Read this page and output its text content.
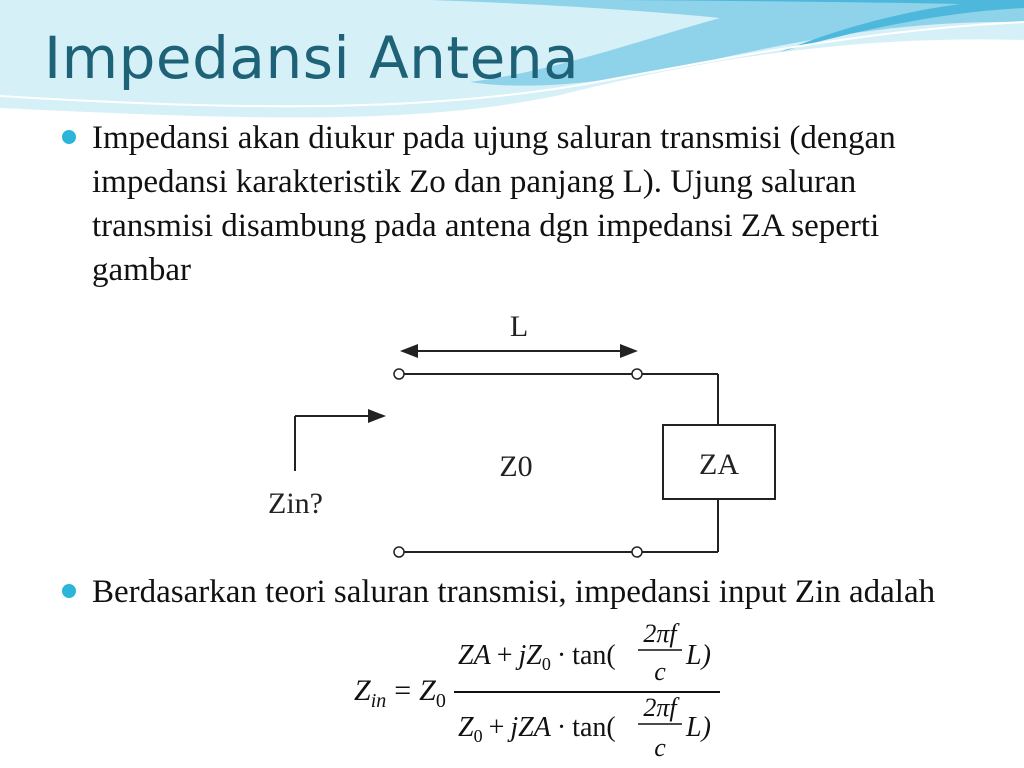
Impedansi Antena
Impedansi akan diukur pada ujung saluran transmisi (dengan impedansi karakteristik Zo dan panjang L). Ujung saluran transmisi disambung pada antena dgn impedansi ZA seperti gambar
L
ZA
Z0
Zin?
Berdasarkan teori saluran transmisi, impedansi input Zin adalah
$Z_{in} = Z_0$
ZA + $jZ_0 \cdot \tan$(
2πf
c
L)
$Z_0$ + jZA · tan(
2πf
c
L)
